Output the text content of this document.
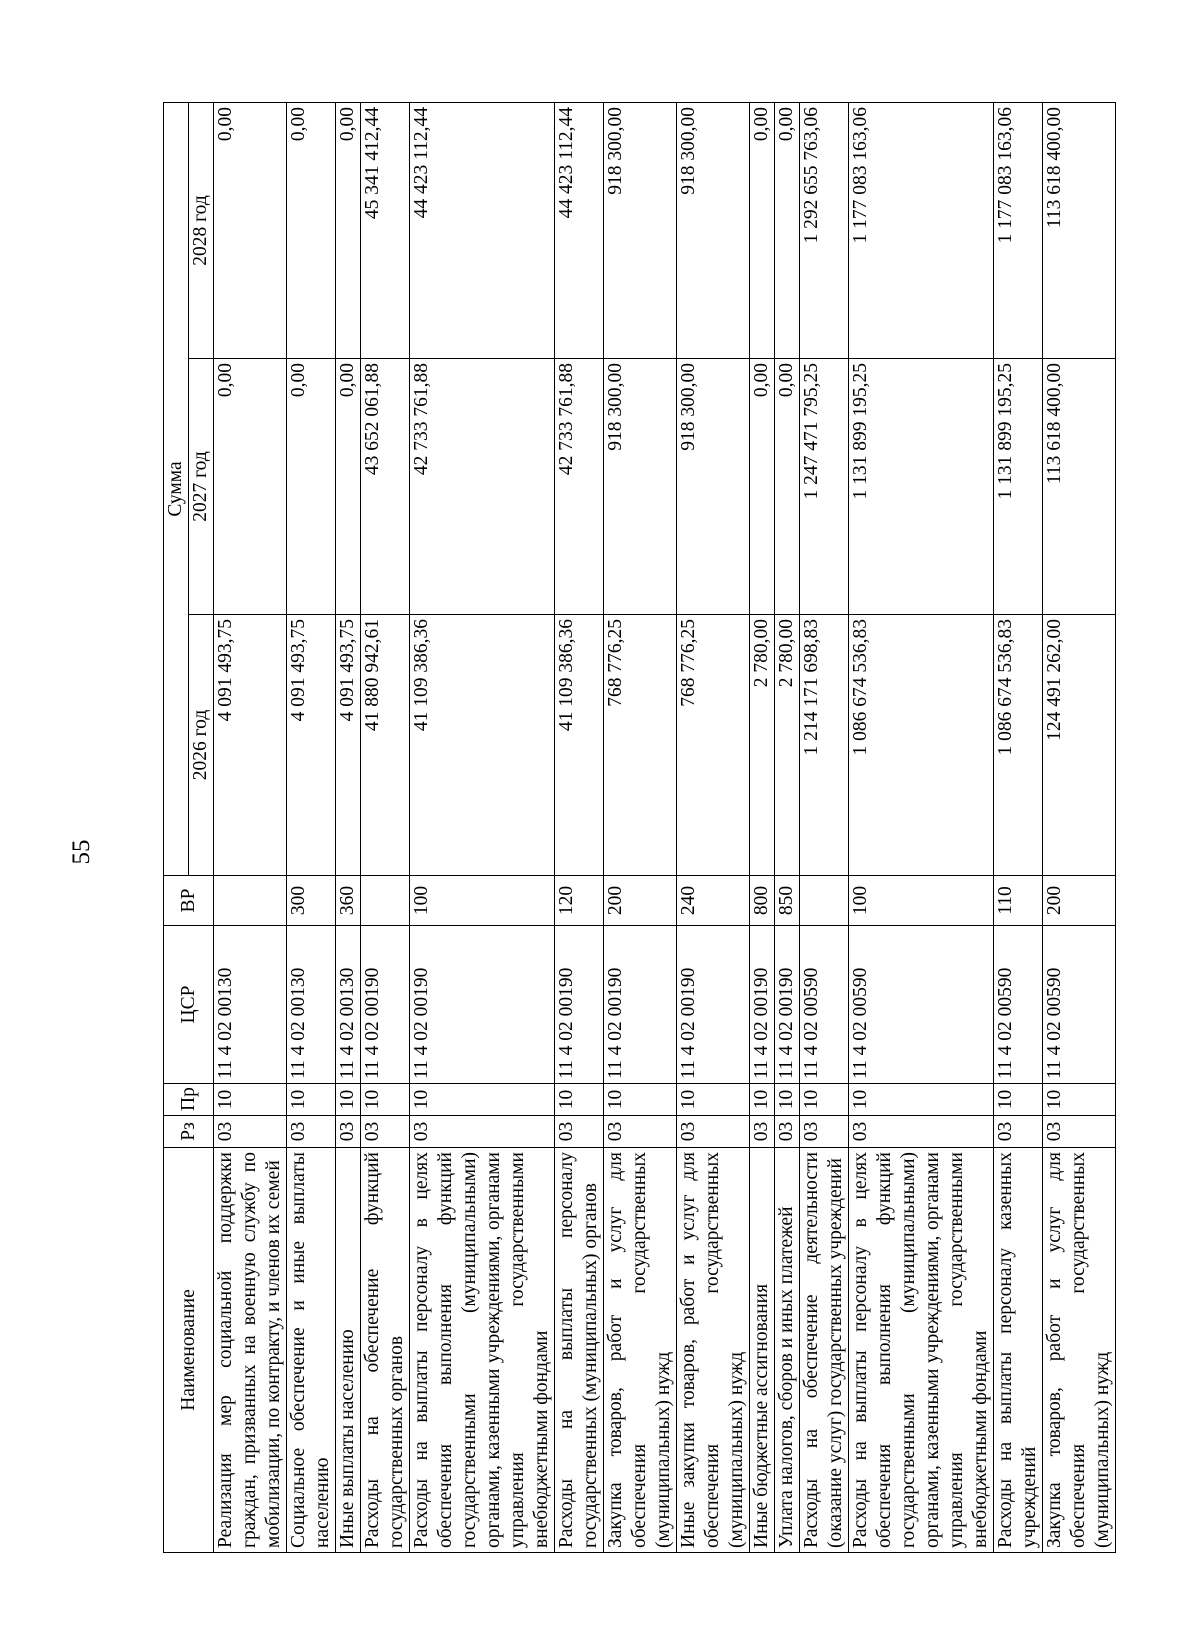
55
Наименование	Рз	Пр	ЦСР	ВР	Сумма		
					2026 год	2027 год	2028 год
Реализация мер социальной поддержки граждан, призванных на военную службу по мобилизации, по контракту, и членов их семей	03	10	11 4 02 00130		4 091 493,75	0,00	0,00
Социальное обеспечение и иные выплаты населению	03	10	11 4 02 00130	300	4 091 493,75	0,00	0,00
Иные выплаты населению	03	10	11 4 02 00130	360	4 091 493,75	0,00	0,00
Расходы на обеспечение функций государственных органов	03	10	11 4 02 00190		41 880 942,61	43 652 061,88	45 341 412,44
Расходы на выплаты персоналу в целях обеспечения выполнения функций государственными (муниципальными) органами, казенными учреждениями, органами управления государственными внебюджетными фондами	03	10	11 4 02 00190	100	41 109 386,36	42 733 761,88	44 423 112,44
Расходы на выплаты персоналу государственных (муниципальных) органов	03	10	11 4 02 00190	120	41 109 386,36	42 733 761,88	44 423 112,44
Закупка товаров, работ и услуг для обеспечения государственных (муниципальных) нужд	03	10	11 4 02 00190	200	768 776,25	918 300,00	918 300,00
Иные закупки товаров, работ и услуг для обеспечения государственных (муниципальных) нужд	03	10	11 4 02 00190	240	768 776,25	918 300,00	918 300,00
Иные бюджетные ассигнования	03	10	11 4 02 00190	800	2 780,00	0,00	0,00
Уплата налогов, сборов и иных платежей	03	10	11 4 02 00190	850	2 780,00	0,00	0,00
Расходы на обеспечение деятельности (оказание услуг) государственных учреждений	03	10	11 4 02 00590		1 214 171 698,83	1 247 471 795,25	1 292 655 763,06
Расходы на выплаты персоналу в целях обеспечения выполнения функций государственными (муниципальными) органами, казенными учреждениями, органами управления государственными внебюджетными фондами	03	10	11 4 02 00590	100	1 086 674 536,83	1 131 899 195,25	1 177 083 163,06
Расходы на выплаты персоналу казенных учреждений	03	10	11 4 02 00590	110	1 086 674 536,83	1 131 899 195,25	1 177 083 163,06
Закупка товаров, работ и услуг для обеспечения государственных (муниципальных) нужд	03	10	11 4 02 00590	200	124 491 262,00	113 618 400,00	113 618 400,00
